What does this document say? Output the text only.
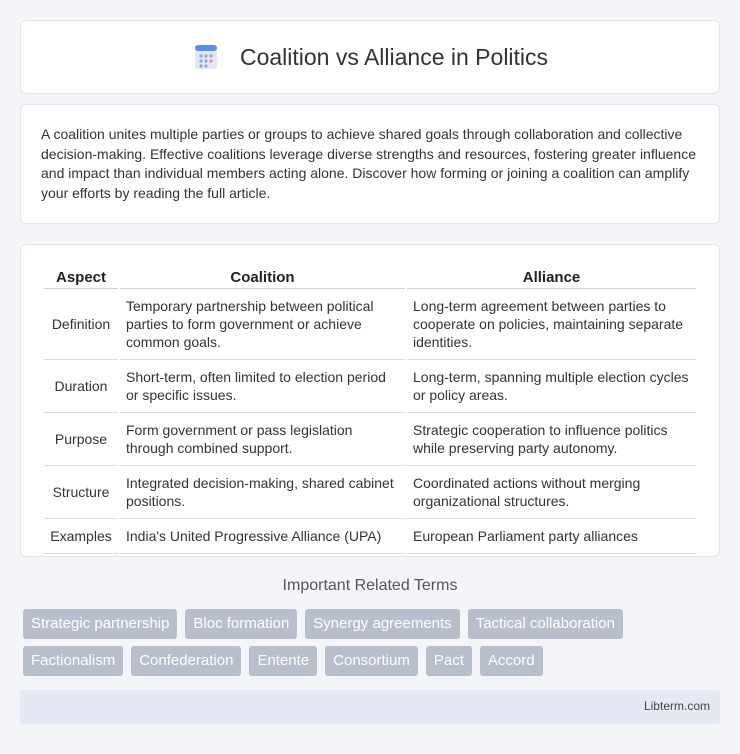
Coalition vs Alliance in Politics

A coalition unites multiple parties or groups to achieve shared goals through collaboration and collective decision-making. Effective coalitions leverage diverse strengths and resources, fostering greater influence and impact than individual members acting alone. Discover how forming or joining a coalition can amplify your efforts by reading the full article.

Aspect	Coalition	Alliance
Definition	Temporary partnership between political parties to form government or achieve common goals.	Long-term agreement between parties to cooperate on policies, maintaining separate identities.
Duration	Short-term, often limited to election period or specific issues.	Long-term, spanning multiple election cycles or policy areas.
Purpose	Form government or pass legislation through combined support.	Strategic cooperation to influence politics while preserving party autonomy.
Structure	Integrated decision-making, shared cabinet positions.	Coordinated actions without merging organizational structures.
Examples	India's United Progressive Alliance (UPA)	European Parliament party alliances
Important Related Terms
Strategic partnership	Bloc formation	Synergy agreements	Tactical collaboration
Factionalism	Confederation	Entente	Consortium	Pact	Accord
Libterm.com
